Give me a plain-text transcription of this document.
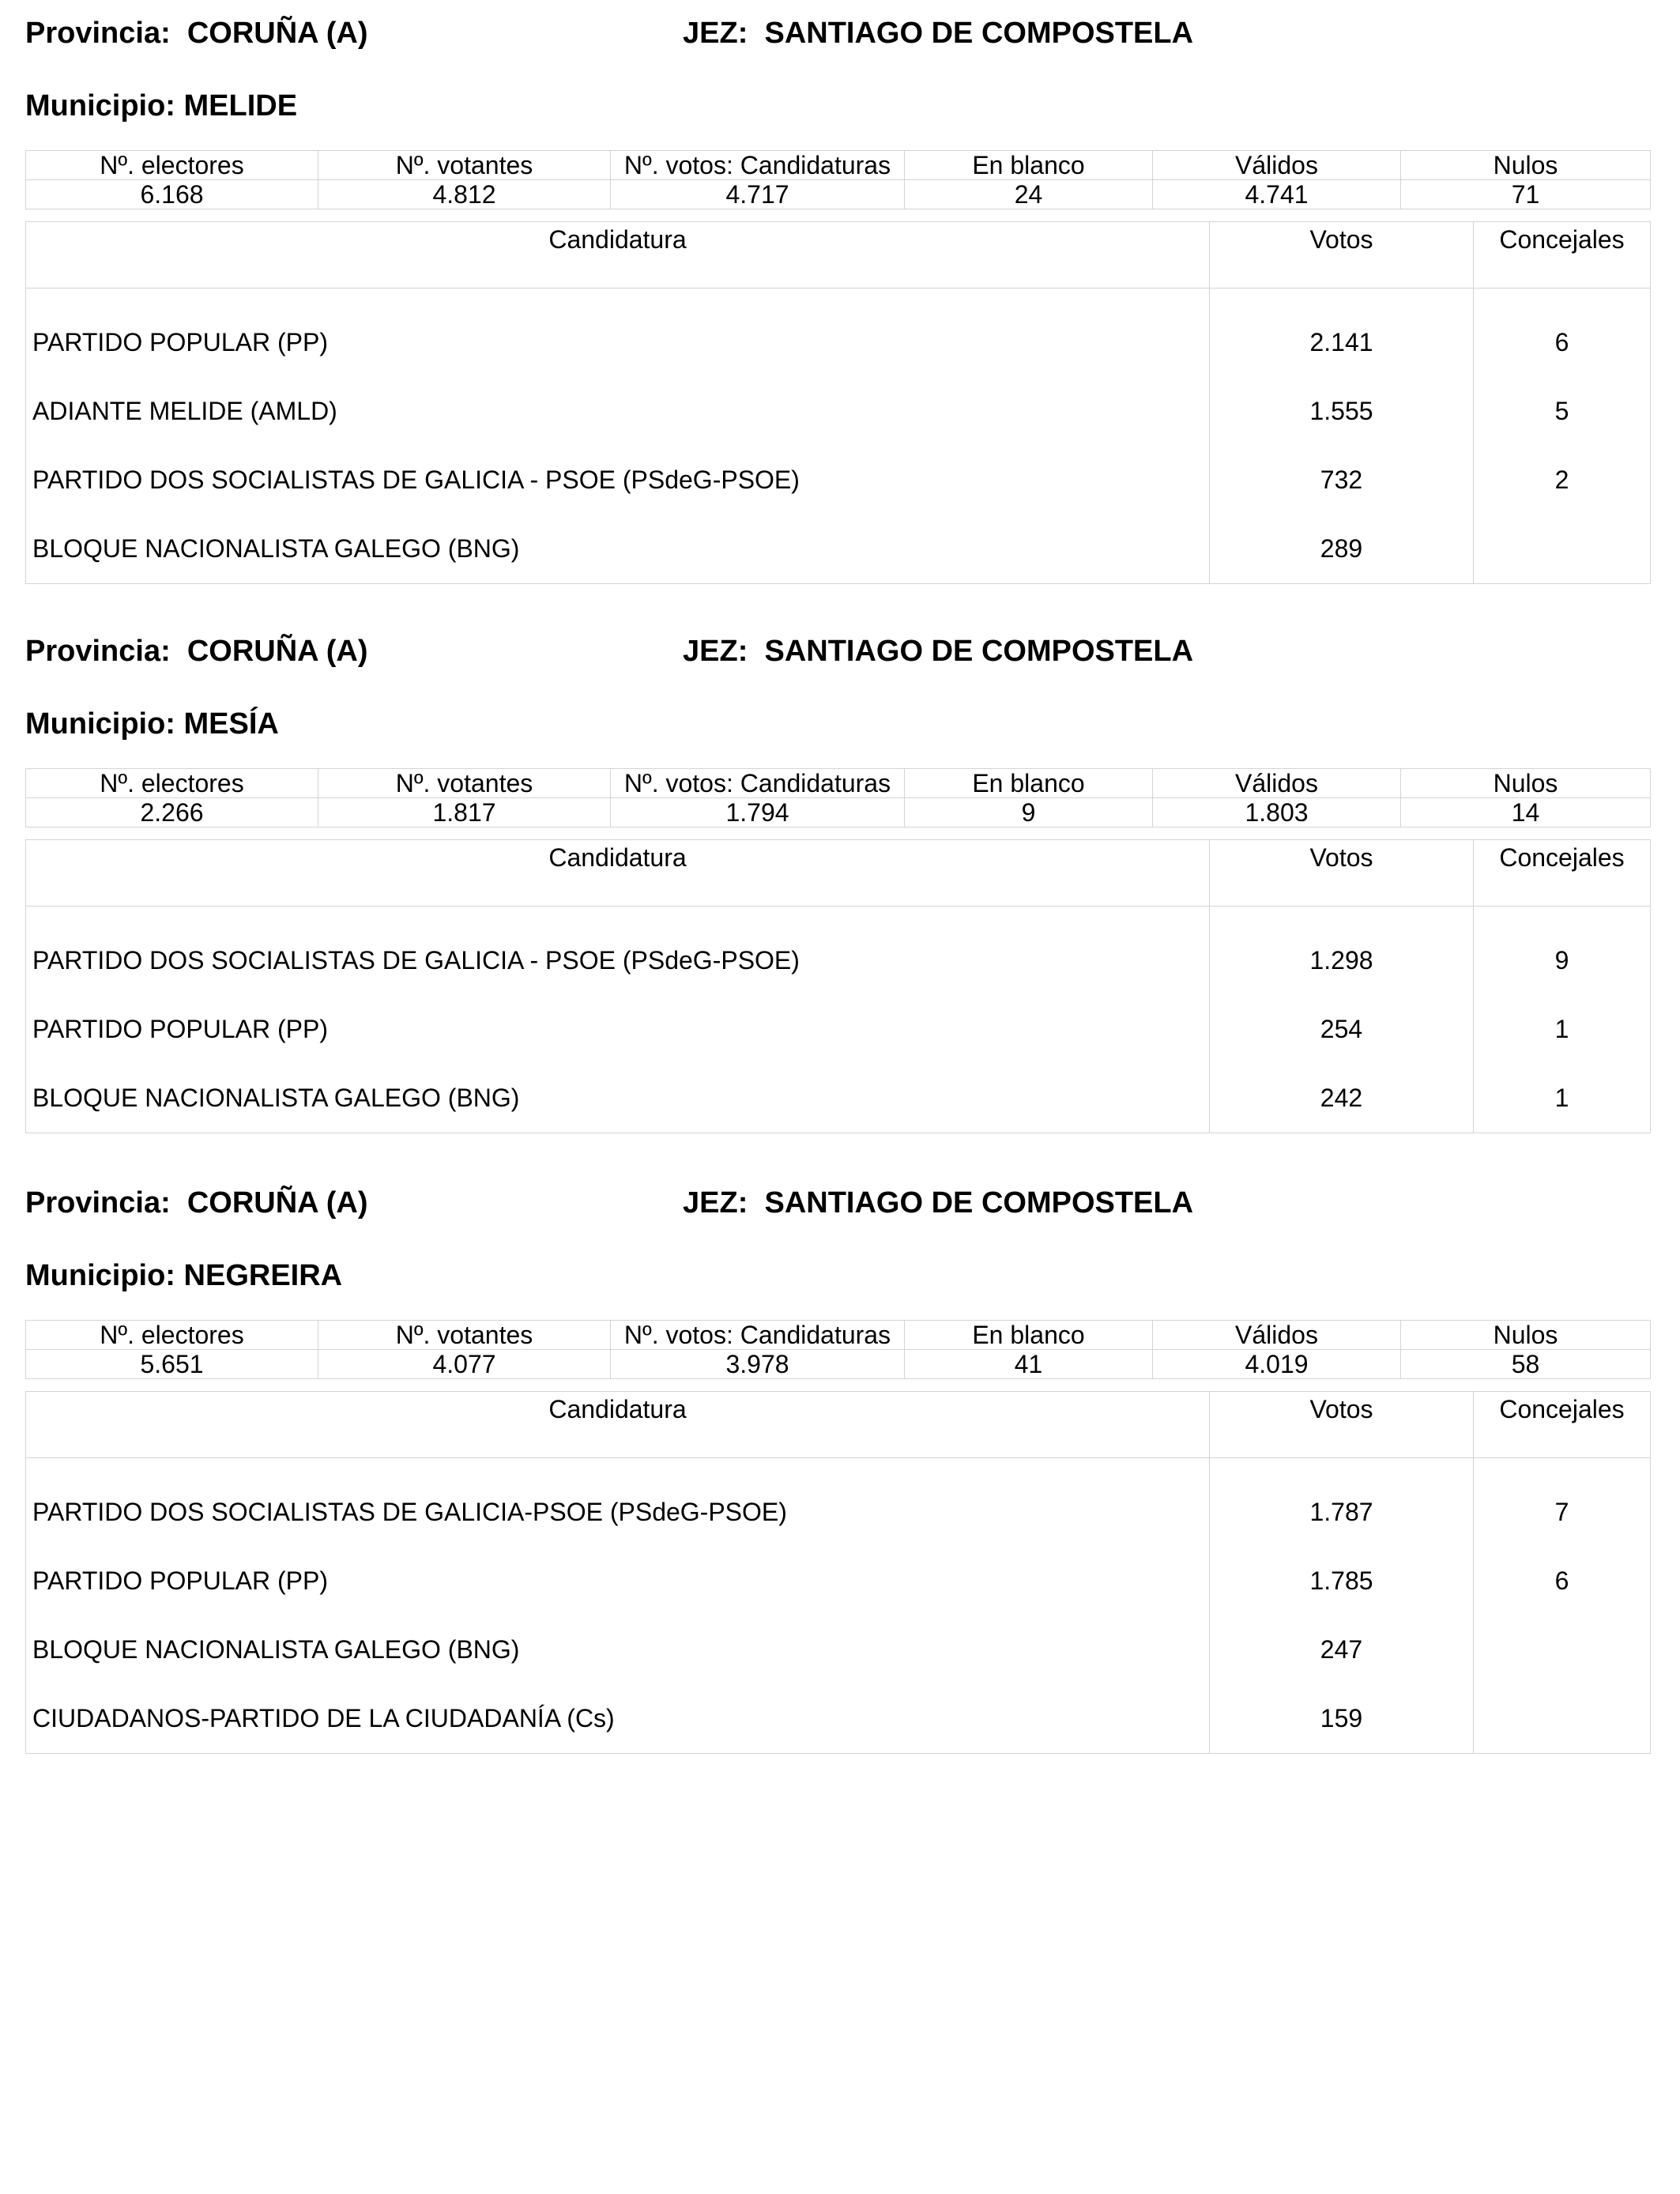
Provincia: CORUÑA (A)	JEZ: SANTIAGO DE COMPOSTELA
Municipio: MELIDE
Nº. electores	Nº. votantes	Nº. votos: Candidaturas	En blanco	Válidos	Nulos
6.168	4.812	4.717	24	4.741	71
Candidatura	Votos	Concejales
PARTIDO POPULAR (PP)	2.141	6
ADIANTE MELIDE (AMLD)	1.555	5
PARTIDO DOS SOCIALISTAS DE GALICIA - PSOE (PSdeG-PSOE)	732	2
BLOQUE NACIONALISTA GALEGO (BNG)	289	
Provincia: CORUÑA (A)	JEZ: SANTIAGO DE COMPOSTELA
Municipio: MESÍA
Nº. electores	Nº. votantes	Nº. votos: Candidaturas	En blanco	Válidos	Nulos
2.266	1.817	1.794	9	1.803	14
Candidatura	Votos	Concejales
PARTIDO DOS SOCIALISTAS DE GALICIA - PSOE (PSdeG-PSOE)	1.298	9
PARTIDO POPULAR (PP)	254	1
BLOQUE NACIONALISTA GALEGO (BNG)	242	1
Provincia: CORUÑA (A)	JEZ: SANTIAGO DE COMPOSTELA
Municipio: NEGREIRA
Nº. electores	Nº. votantes	Nº. votos: Candidaturas	En blanco	Válidos	Nulos
5.651	4.077	3.978	41	4.019	58
Candidatura	Votos	Concejales
PARTIDO DOS SOCIALISTAS DE GALICIA-PSOE (PSdeG-PSOE)	1.787	7
PARTIDO POPULAR (PP)	1.785	6
BLOQUE NACIONALISTA GALEGO (BNG)	247	
CIUDADANOS-PARTIDO DE LA CIUDADANÍA (Cs)	159	
